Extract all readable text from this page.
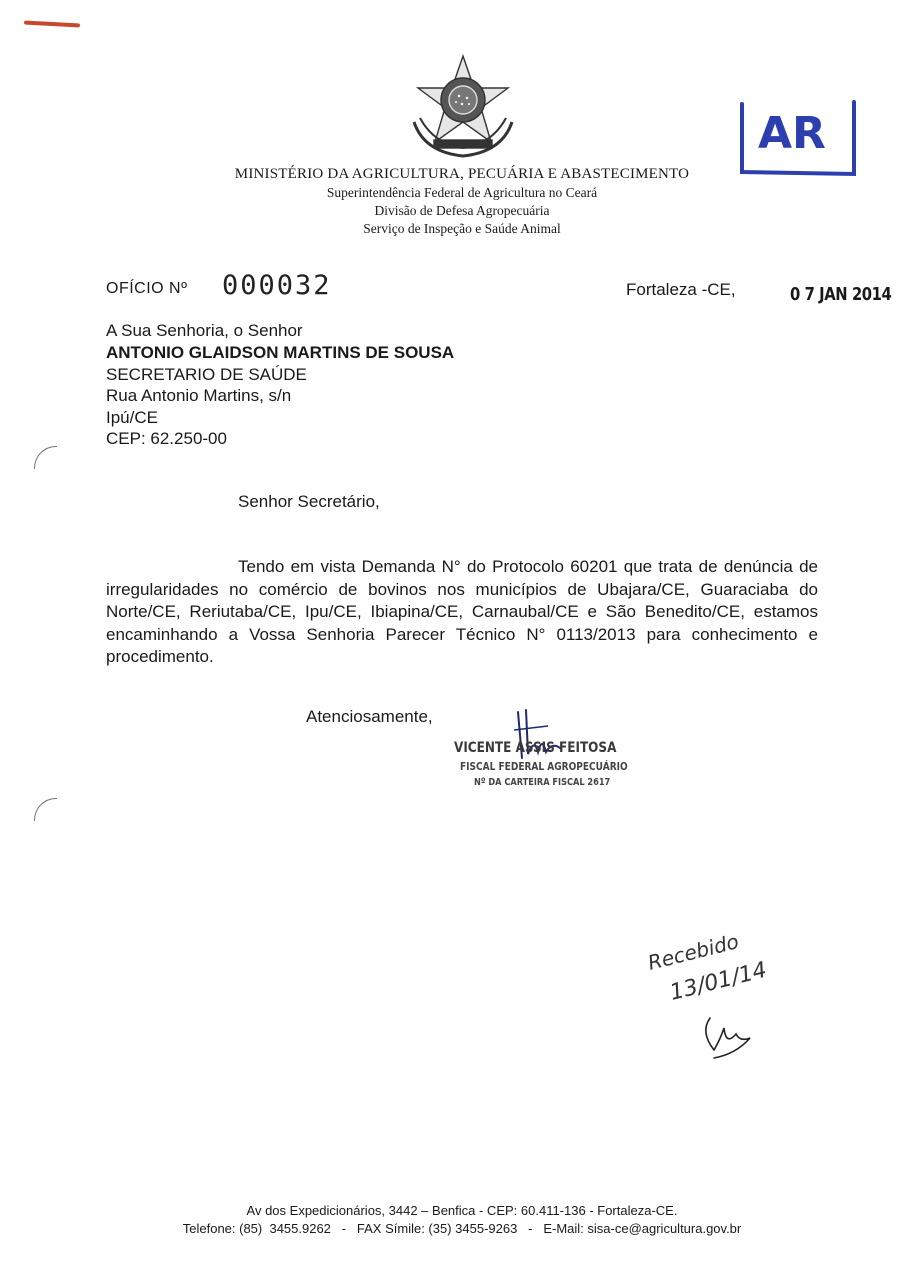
MINISTÉRIO DA AGRICULTURA, PECUÁRIA E ABASTECIMENTO
Superintendência Federal de Agricultura no Ceará
Divisão de Defesa Agropecuária
Serviço de Inspeção e Saúde Animal
AR
OFÍCIO Nº 000032	Fortaleza -CE,	0 7 JAN 2014
A Sua Senhoria, o Senhor
ANTONIO GLAIDSON MARTINS DE SOUSA
SECRETARIO DE SAÚDE
Rua Antonio Martins, s/n
Ipú/CE
CEP: 62.250-00
Senhor Secretário,
Tendo em vista Demanda N° do Protocolo 60201 que trata de denúncia de irregularidades no comércio de bovinos nos municípios de Ubajara/CE, Guaraciaba do Norte/CE, Reriutaba/CE, Ipu/CE, Ibiapina/CE, Carnaubal/CE e São Benedito/CE, estamos encaminhando a Vossa Senhoria Parecer Técnico N° 0113/2013 para conhecimento e procedimento.
Atenciosamente,
VICENTE ASSIS FEITOSA
FISCAL FEDERAL AGROPECUÁRIO
Nº DA CARTEIRA FISCAL 2617
Recebido
13/01/14
Av dos Expedicionários, 3442 – Benfica - CEP: 60.411-136 - Fortaleza-CE.
Telefone: (85)  3455.9262   -   FAX Símile: (35) 3455-9263   -   E-Mail: sisa-ce@agricultura.gov.br
